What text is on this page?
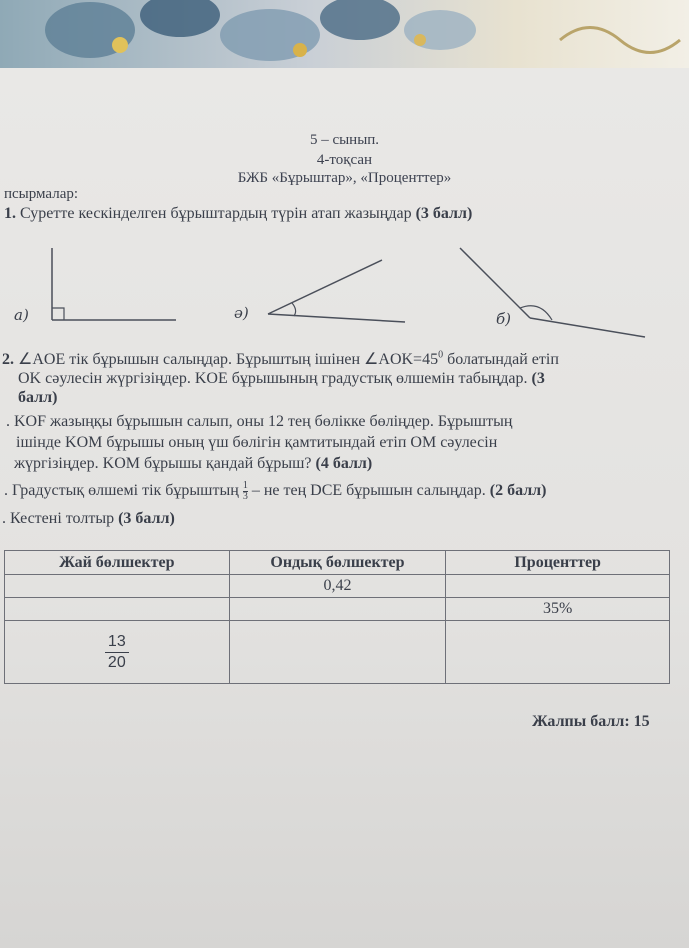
5 – сынып.
4-тоқсан
БЖБ «Бұрыштар», «Проценттер»
псырмалар:
1. Суретте кескінделген бұрыштардың түрін атап жазыңдар (3 балл)
а)	ә)	б)
2. ∠AOE тік бұрышын салыңдар. Бұрыштың ішінен $\angle AOK=45^0$ болатындай етіп
OK сәулесін жүргізіңдер. KOE бұрышының градустық өлшемін табыңдар. (3
балл)
. KOF жазыңқы бұрышын салып, оны 12 тең бөлікке бөліңдер. Бұрыштың
ішінде KOM бұрышы оның үш бөлігін қамтитындай етіп OM сәулесін
жүргізіңдер. KOM бұрышы қандай бұрыш? (4 балл)
. Градустық өлшемі тік бұрыштың $\frac{1}{3}$ – не тең DCE бұрышын салыңдар. (2 балл)
. Кестені толтыр (3 балл)
Жай бөлшектер	Ондық бөлшектер	Проценттер
	0,42	
		35%

$\frac{13}{20}$		
Жалпы балл: 15
